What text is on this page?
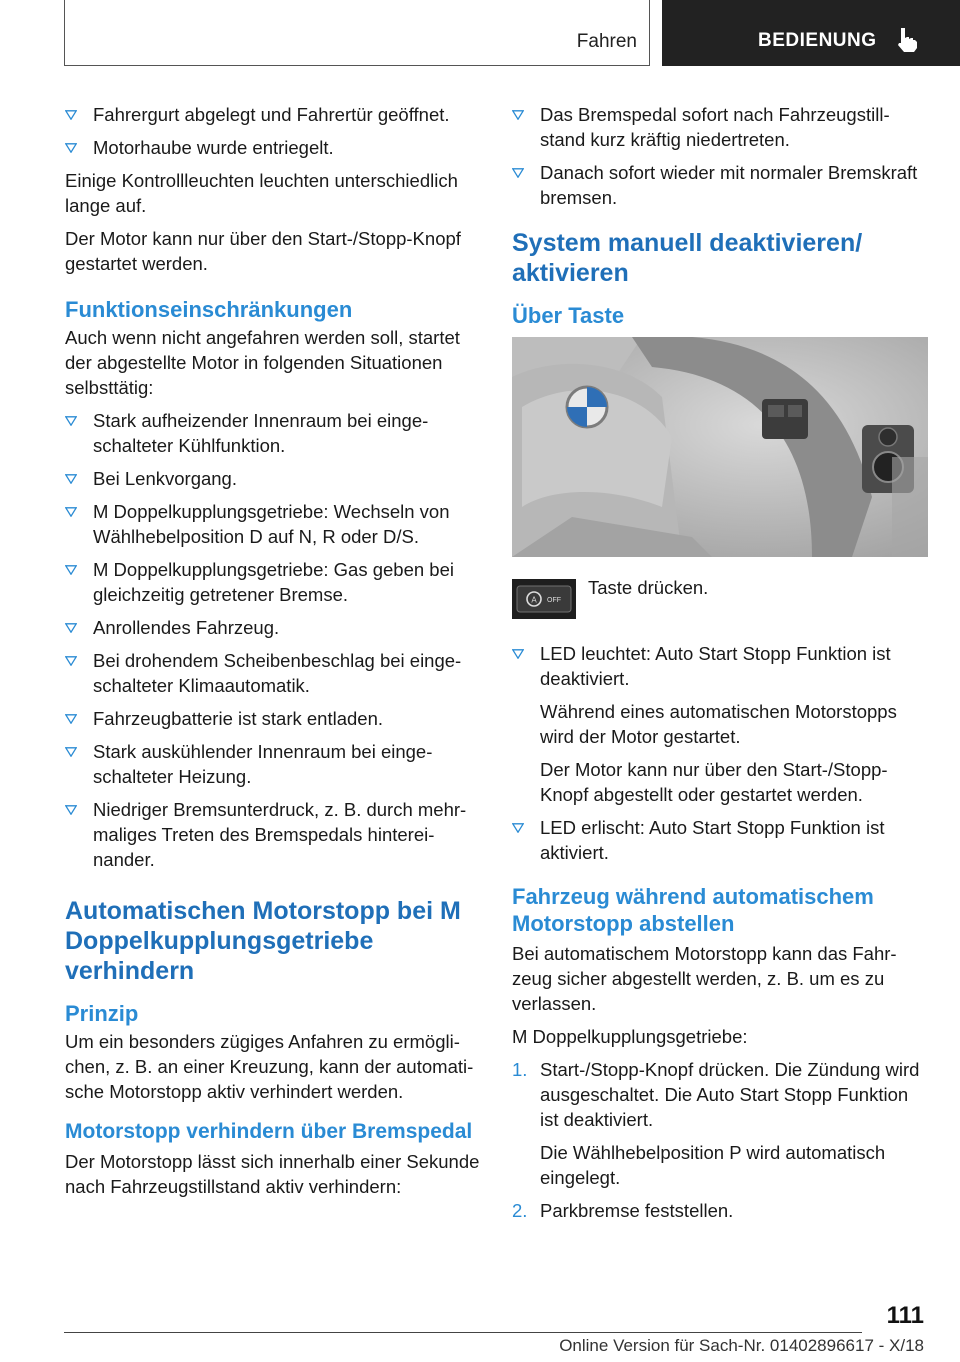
Fahren	BEDIENUNG
Fahrergurt abgelegt und Fahrertür geöffnet.
Motorhaube wurde entriegelt.
Einige Kontrollleuchten leuchten unterschiedlich lange auf.
Der Motor kann nur über den Start-/Stopp-Knopf gestartet werden.
Funktionseinschränkungen
Auch wenn nicht angefahren werden soll, startet der abgestellte Motor in folgenden Situationen selbsttätig:
Stark aufheizender Innenraum bei eingeschalteter Kühlfunktion.
Bei Lenkvorgang.
M Doppelkupplungsgetriebe: Wechseln von Wählhebelposition D auf N, R oder D/S.
M Doppelkupplungsgetriebe: Gas geben bei gleichzeitig getretener Bremse.
Anrollendes Fahrzeug.
Bei drohendem Scheibenbeschlag bei eingeschalteter Klimaautomatik.
Fahrzeugbatterie ist stark entladen.
Stark auskühlender Innenraum bei eingeschalteter Heizung.
Niedriger Bremsunterdruck, z. B. durch mehrmaliges Treten des Bremspedals hintereinander.
Automatischen Motorstopp bei M Doppelkupplungsgetriebe verhindern
Prinzip
Um ein besonders zügiges Anfahren zu ermöglichen, z. B. an einer Kreuzung, kann der automatische Motorstopp aktiv verhindert werden.
Motorstopp verhindern über Bremspedal
Der Motorstopp lässt sich innerhalb einer Sekunde nach Fahrzeugstillstand aktiv verhindern:
Das Bremspedal sofort nach Fahrzeugstillstand kurz kräftig niedertreten.
Danach sofort wieder mit normaler Bremskraft bremsen.
System manuell deaktivieren/ aktivieren
Über Taste
A OFF
Taste drücken.
LED leuchtet: Auto Start Stopp Funktion ist deaktiviert.
Während eines automatischen Motorstopps wird der Motor gestartet.
Der Motor kann nur über den Start-/Stopp-Knopf abgestellt oder gestartet werden.
LED erlischt: Auto Start Stopp Funktion ist aktiviert.
Fahrzeug während automatischem Motorstopp abstellen
Bei automatischem Motorstopp kann das Fahrzeug sicher abgestellt werden, z. B. um es zu verlassen.
M Doppelkupplungsgetriebe:
1. Start-/Stopp-Knopf drücken. Die Zündung wird ausgeschaltet. Die Auto Start Stopp Funktion ist deaktiviert.
Die Wählhebelposition P wird automatisch eingelegt.
2. Parkbremse feststellen.
111
Online Version für Sach-Nr. 01402896617 - X/18
